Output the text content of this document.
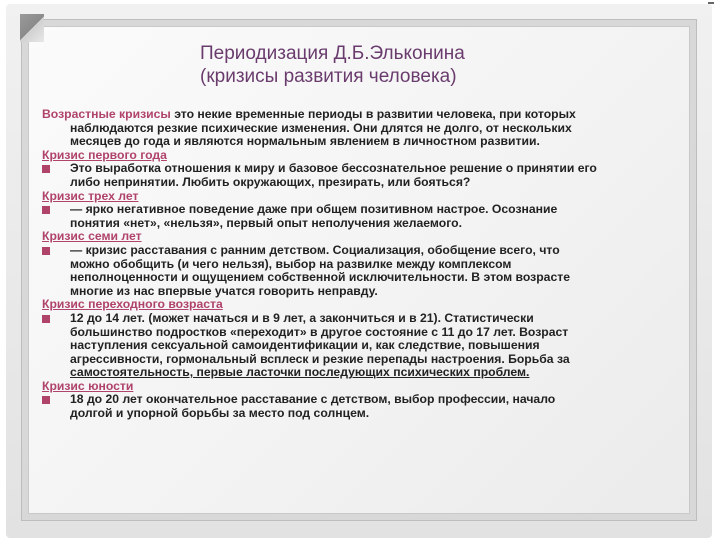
Периодизация Д.Б.Эльконина
(кризисы развития человека)
Возрастные кризисы это некие временные периоды в развитии человека, при которых
наблюдаются резкие психические изменения. Они длятся не долго, от нескольких
месяцев до года и являются нормальным явлением в личностном развитии.
Кризис первого года
Это выработка отношения к миру и базовое бессознательное решение о принятии его
либо непринятии. Любить окружающих, презирать, или бояться?
Кризис трех лет
— ярко негативное поведение даже при общем позитивном настрое. Осознание
понятия «нет», «нельзя», первый опыт неполучения желаемого.
Кризис семи лет
— кризис расставания с ранним детством. Социализация, обобщение всего, что
можно обобщить (и чего нельзя), выбор на развилке между комплексом
неполноценности и ощущением собственной исключительности. В этом возрасте
многие из нас впервые учатся говорить неправду.
Кризис переходного возраста
12 до 14 лет. (может начаться и в 9 лет, а закончиться и в 21). Статистически
большинство подростков «переходит» в другое состояние с 11 до 17 лет. Возраст
наступления сексуальной самоидентификации и, как следствие, повышения
агрессивности, гормональный всплеск и резкие перепады настроения. Борьба за
самостоятельность, первые ласточки последующих психических проблем.
Кризис юности
18 до 20 лет окончательное расставание с детством, выбор профессии, начало
долгой и упорной борьбы за место под солнцем.
